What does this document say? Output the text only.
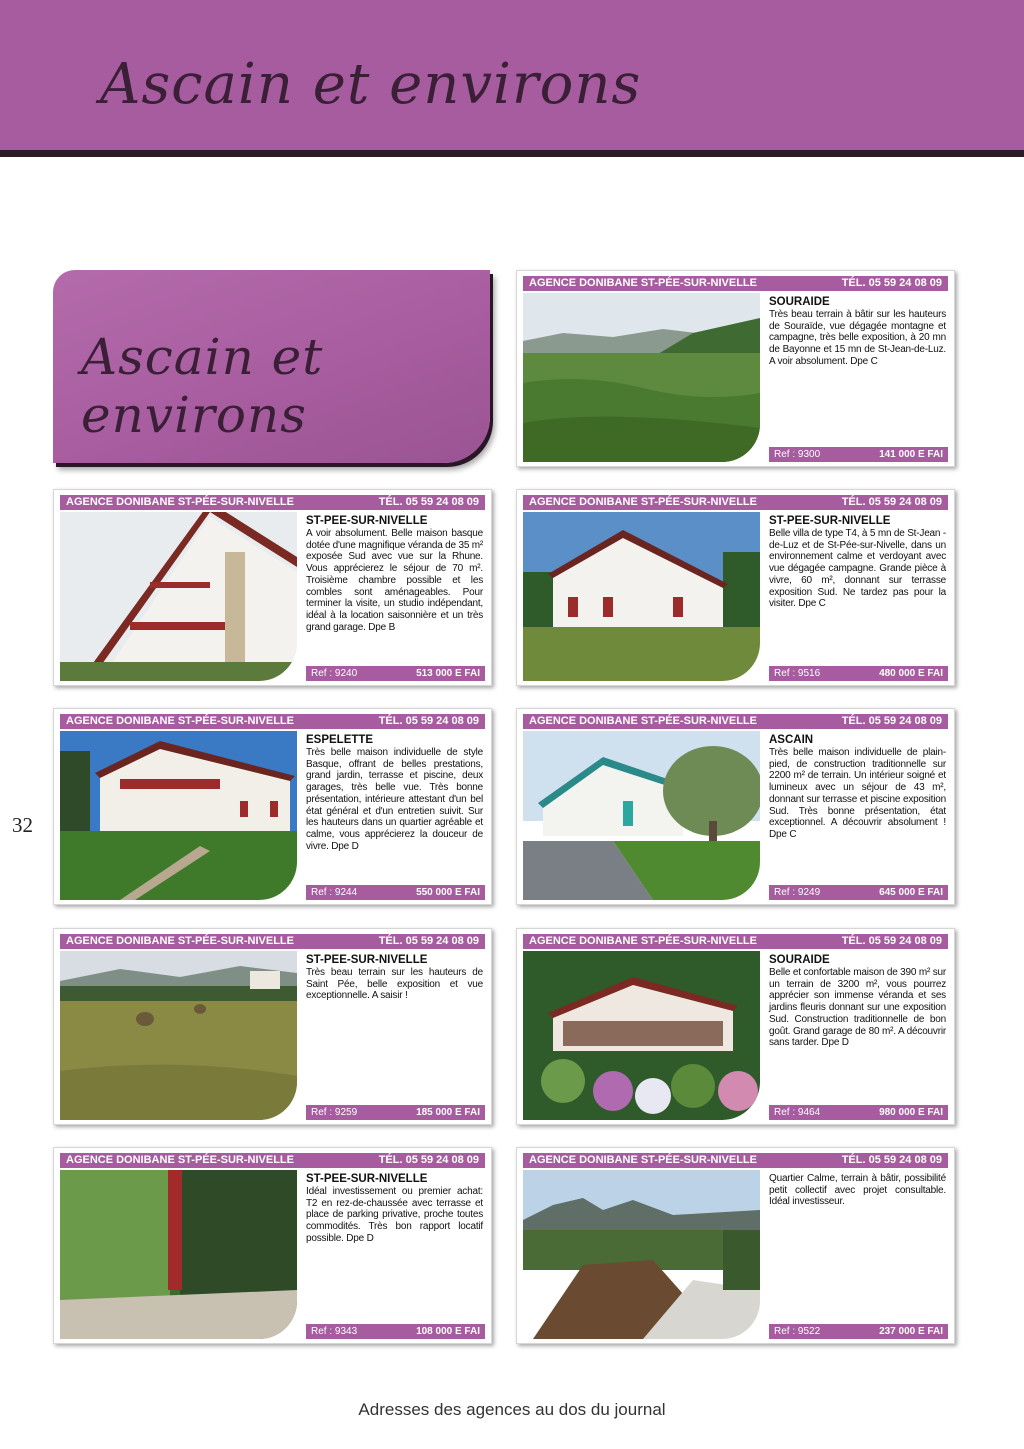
Ascain et environs
Ascain et environs
AGENCE DONIBANE ST-PÉE-SUR-NIVELLE	TÉL. 05 59 24 08 09
SOURAIDE
Très beau terrain à bâtir sur les hauteurs de Souraïde, vue dégagée montagne et campagne, très belle exposition, à 20 mn de Bayonne et 15 mn de St-Jean-de-Luz. A voir absolument. Dpe C
Ref : 9300	141 000 E FAI
AGENCE DONIBANE ST-PÉE-SUR-NIVELLE	TÉL. 05 59 24 08 09
ST-PEE-SUR-NIVELLE
A voir absolument. Belle maison basque dotée d'une magnifique véranda de 35 m² exposée Sud avec vue sur la Rhune. Vous apprécierez le séjour de 70 m². Troisième chambre possible et les combles sont aménageables. Pour terminer la visite, un studio indépendant, idéal à la location saisonnière et un très grand garage. Dpe B
Ref : 9240	513 000 E FAI
AGENCE DONIBANE ST-PÉE-SUR-NIVELLE	TÉL. 05 59 24 08 09
ST-PEE-SUR-NIVELLE
Belle villa de type T4, à 5 mn de St-Jean -de-Luz et de St-Pée-sur-Nivelle, dans un environnement calme et verdoyant avec vue dégagée campagne. Grande pièce à vivre, 60 m², donnant sur terrasse exposition Sud. Ne tardez pas pour la visiter. Dpe C
Ref : 9516	480 000 E FAI
AGENCE DONIBANE ST-PÉE-SUR-NIVELLE	TÉL. 05 59 24 08 09
ESPELETTE
Très belle maison individuelle de style Basque, offrant de belles prestations, grand jardin, terrasse et piscine, deux garages, très belle vue. Très bonne présentation, intérieure attestant d'un bel état général et d'un entretien suivit. Sur les hauteurs dans un quartier agréable et calme, vous apprécierez la douceur de vivre. Dpe D
Ref : 9244	550 000 E FAI
AGENCE DONIBANE ST-PÉE-SUR-NIVELLE	TÉL. 05 59 24 08 09
ASCAIN
Très belle maison individuelle de plain-pied, de construction traditionnelle sur 2200 m² de terrain. Un intérieur soigné et lumineux avec un séjour de 43 m², donnant sur terrasse et piscine exposition Sud. Très bonne présentation, état exceptionnel. A découvrir absolument ! Dpe C
Ref : 9249	645 000 E FAI
AGENCE DONIBANE ST-PÉE-SUR-NIVELLE	TÉL. 05 59 24 08 09
ST-PEE-SUR-NIVELLE
Très beau terrain sur les hauteurs de Saint Pée, belle exposition et vue exceptionnelle. A saisir !
Ref : 9259	185 000 E FAI
AGENCE DONIBANE ST-PÉE-SUR-NIVELLE	TÉL. 05 59 24 08 09
SOURAIDE
Belle et confortable maison de 390 m² sur un terrain de 3200 m², vous pourrez apprécier son immense véranda et ses jardins fleuris donnant sur une exposition Sud. Construction traditionnelle de bon goût. Grand garage de 80 m². A découvrir sans tarder. Dpe D
Ref : 9464	980 000 E FAI
AGENCE DONIBANE ST-PÉE-SUR-NIVELLE	TÉL. 05 59 24 08 09
ST-PEE-SUR-NIVELLE
Idéal investissement ou premier achat: T2 en rez-de-chaussée avec terrasse et place de parking privative, proche toutes commodités. Très bon rapport locatif possible. Dpe D
Ref : 9343	108 000 E FAI
AGENCE DONIBANE ST-PÉE-SUR-NIVELLE	TÉL. 05 59 24 08 09
Quartier Calme, terrain à bâtir, possibilité petit collectif avec projet consultable. Idéal investisseur.
Ref : 9522	237 000 E FAI
32
Adresses des agences au dos du journal
